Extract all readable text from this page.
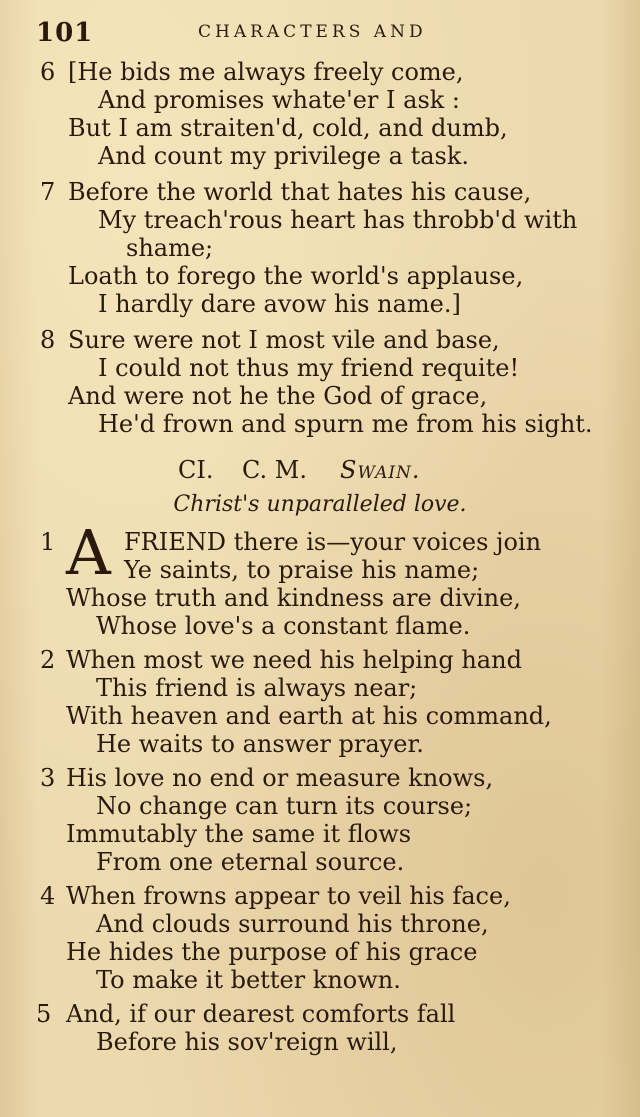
101	CHARACTERS AND
6 [He bids me always freely come,
And promises whate'er I ask :
But I am straiten'd, cold, and dumb,
And count my privilege a task.
7 Before the world that hates his cause,
My treach'rous heart has throbb'd with
shame;
Loath to forego the world's applause,
I hardly dare avow his name.]
8 Sure were not I most vile and base,
I could not thus my friend requite!
And were not he the God of grace,
He'd frown and spurn me from his sight.
CI. C. M. Swain.
Christ's unparalleled love.
1 A FRIEND there is—your voices join
Ye saints, to praise his name;
Whose truth and kindness are divine,
Whose love's a constant flame.
2 When most we need his helping hand
This friend is always near;
With heaven and earth at his command,
He waits to answer prayer.
3 His love no end or measure knows,
No change can turn its course;
Immutably the same it flows
From one eternal source.
4 When frowns appear to veil his face,
And clouds surround his throne,
He hides the purpose of his grace
To make it better known.
5 And, if our dearest comforts fall
Before his sov'reign will,
